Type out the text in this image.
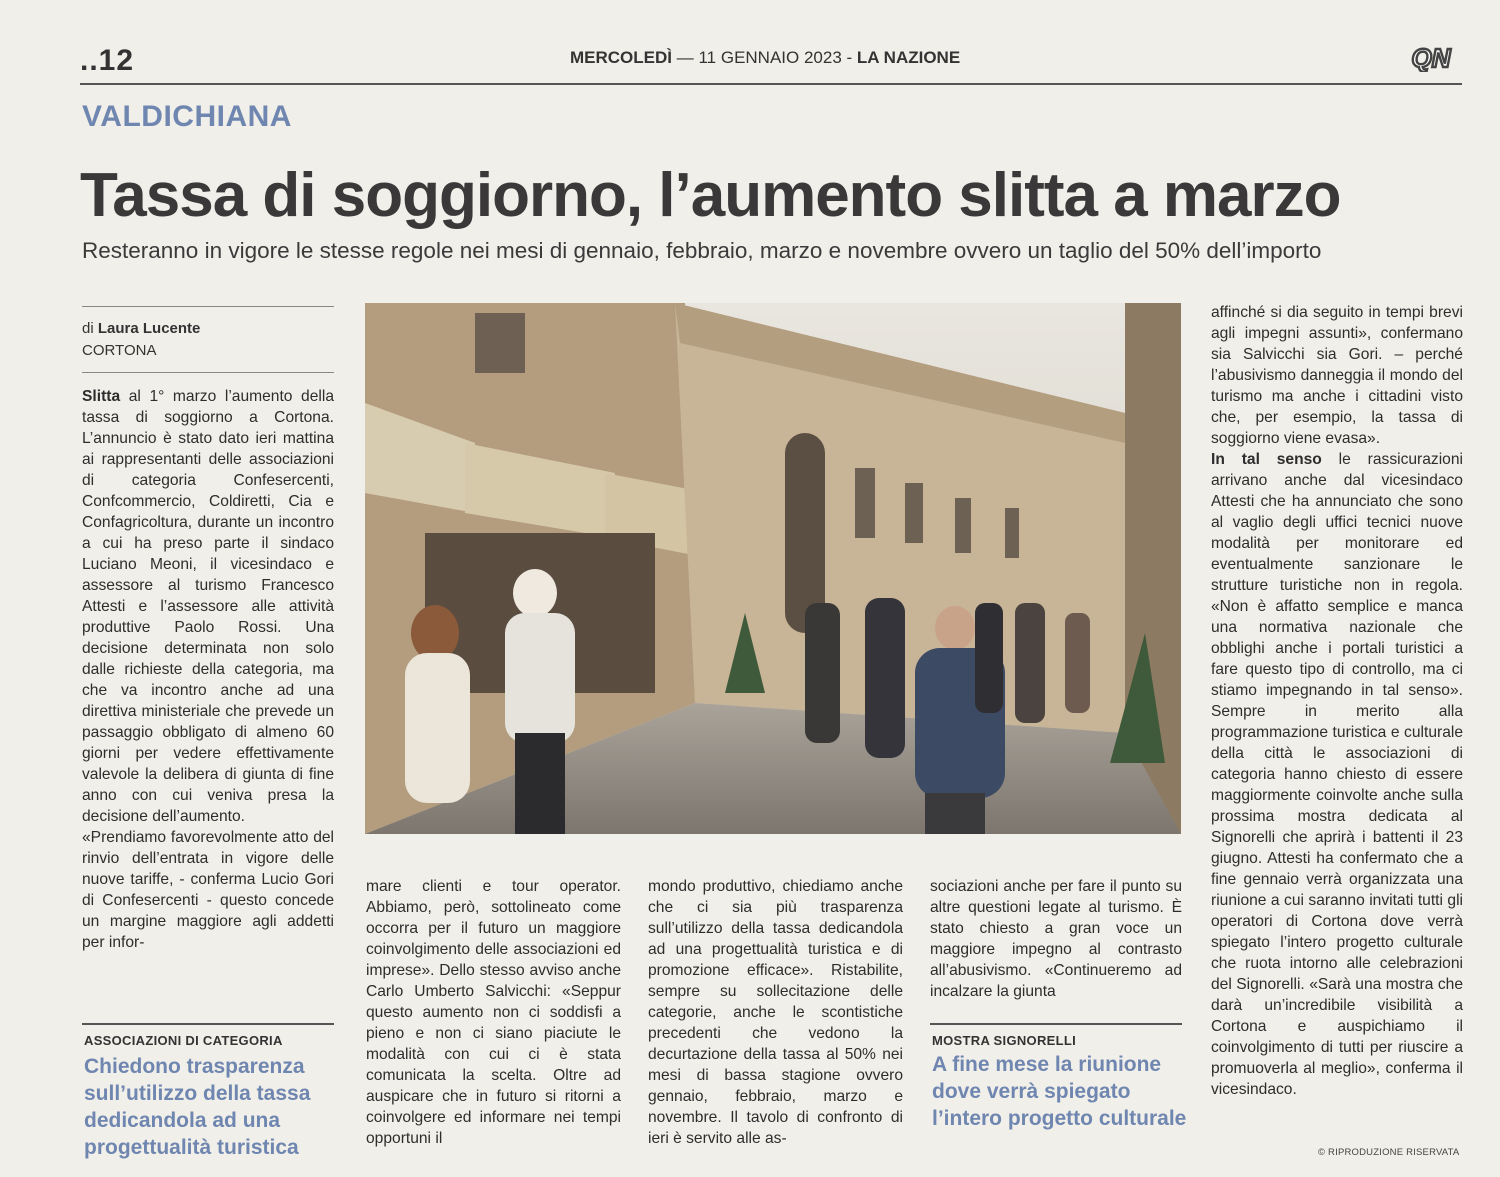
..12	MERCOLEDÌ — 11 GENNAIO 2023 - LA NAZIONE	QN
VALDICHIANA
Tassa di soggiorno, l’aumento slitta a marzo
Resteranno in vigore le stesse regole nei mesi di gennaio, febbraio, marzo e novembre ovvero un taglio del 50% dell’importo
di Laura Lucente
CORTONA

Slitta al 1° marzo l’aumento della tassa di soggiorno a Cortona. L’annuncio è stato dato ieri mattina ai rappresentanti delle associazioni di categoria Confesercenti, Confcommercio, Coldiretti, Cia e Confagricoltura, durante un incontro a cui ha preso parte il sindaco Luciano Meoni, il vicesindaco e assessore al turismo Francesco Attesti e l’assessore alle attività produttive Paolo Rossi. Una decisione determinata non solo dalle richieste della categoria, ma che va incontro anche ad una direttiva ministeriale che prevede un passaggio obbligato di almeno 60 giorni per vedere effettivamente valevole la delibera di giunta di fine anno con cui veniva presa la decisione dell’aumento.

«Prendiamo favorevolmente atto del rinvio dell’entrata in vigore delle nuove tariffe, - conferma Lucio Gori di Confesercenti - questo concede un margine maggiore agli addetti per infor-

mare clienti e tour operator. Abbiamo, però, sottolineato come occorra per il futuro un maggiore coinvolgimento delle associazioni ed imprese». Dello stesso avviso anche Carlo Umberto Salvicchi: «Seppur questo aumento non ci soddisfi a pieno e non ci siano piaciute le modalità con cui ci è stata comunicata la scelta. Oltre ad auspicare che in futuro si ritorni a coinvolgere ed informare nei tempi opportuni il

mondo produttivo, chiediamo anche che ci sia più trasparenza sull’utilizzo della tassa dedicandola ad una progettualità turistica e di promozione efficace». Ristabilite, sempre su sollecitazione delle categorie, anche le scontistiche precedenti che vedono la decurtazione della tassa al 50% nei mesi di bassa stagione ovvero gennaio, febbraio, marzo e novembre. Il tavolo di confronto di ieri è servito alle as-

sociazioni anche per fare il punto su altre questioni legate al turismo. È stato chiesto a gran voce un maggiore impegno al contrasto all’abusivismo. «Continueremo ad incalzare la giunta

affinché si dia seguito in tempi brevi agli impegni assunti», confermano sia Salvicchi sia Gori. – perché l’abusivismo danneggia il mondo del turismo ma anche i cittadini visto che, per esempio, la tassa di soggiorno viene evasa».

In tal senso le rassicurazioni arrivano anche dal vicesindaco Attesti che ha annunciato che sono al vaglio degli uffici tecnici nuove modalità per monitorare ed eventualmente sanzionare le strutture turistiche non in regola. «Non è affatto semplice e manca una normativa nazionale che obblighi anche i portali turistici a fare questo tipo di controllo, ma ci stiamo impegnando in tal senso». Sempre in merito alla programmazione turistica e culturale della città le associazioni di categoria hanno chiesto di essere maggiormente coinvolte anche sulla prossima mostra dedicata al Signorelli che aprirà i battenti il 23 giugno. Attesti ha confermato che a fine gennaio verrà organizzata una riunione a cui saranno invitati tutti gli operatori di Cortona dove verrà spiegato l’intero progetto culturale che ruota intorno alle celebrazioni del Signorelli. «Sarà una mostra che darà un’incredibile visibilità a Cortona e auspichiamo il coinvolgimento di tutti per riuscire a promuoverla al meglio», conferma il vicesindaco.

ASSOCIAZIONI DI CATEGORIA
Chiedono trasparenza sull’utilizzo della tassa dedicandola ad una progettualità turistica
MOSTRA SIGNORELLI
A fine mese la riunione dove verrà spiegato l’intero progetto culturale
© RIPRODUZIONE RISERVATA
